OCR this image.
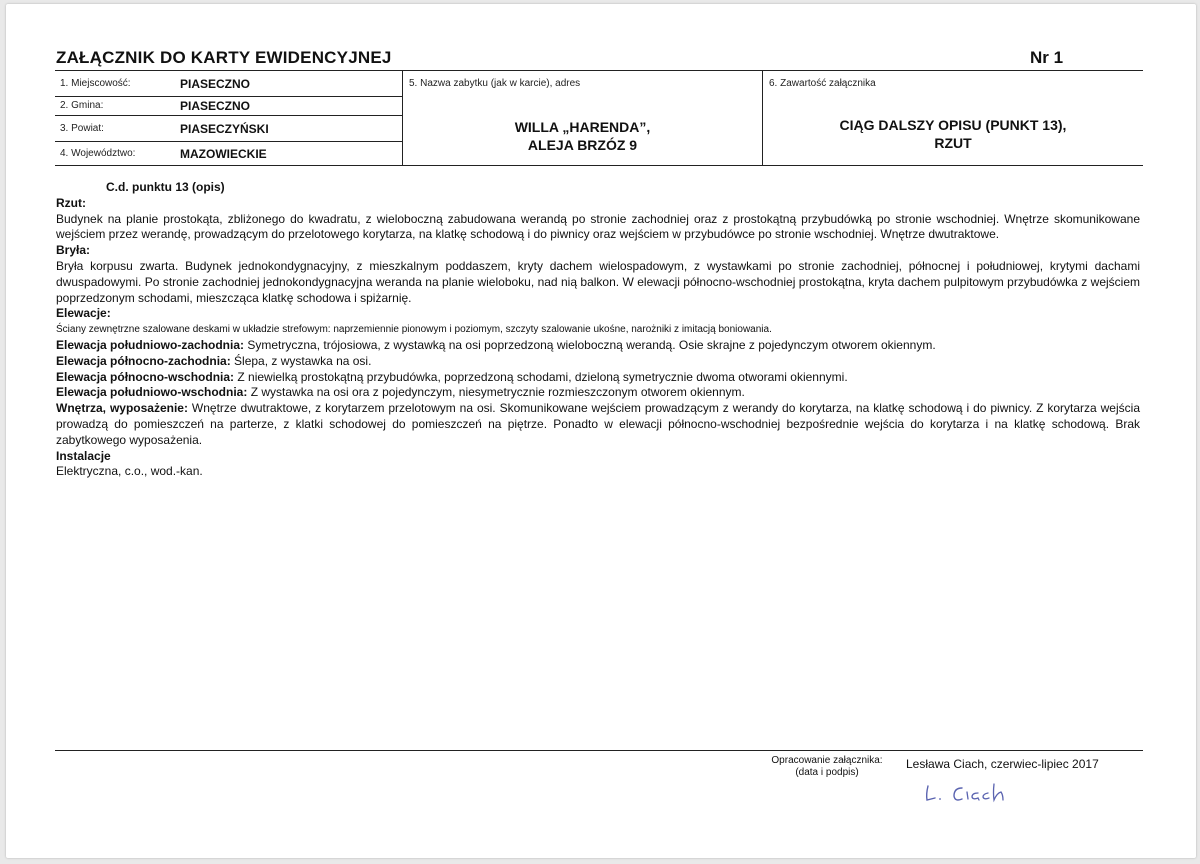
ZAŁĄCZNIK DO KARTY EWIDENCYJNEJ	Nr 1
1. Miejscowość:	PIASECZNO
2. Gmina:	PIASECZNO
3. Powiat:	PIASECZYŃSKI
4. Województwo:	MAZOWIECKIE
5. Nazwa zabytku (jak w karcie), adres
WILLA „HARENDA”,
ALEJA BRZÓZ 9
6. Zawartość załącznika
CIĄG DALSZY OPISU (PUNKT 13),
RZUT

C.d. punktu 13 (opis)

Rzut:

Budynek na planie prostokąta, zbliżonego do kwadratu, z wieloboczną zabudowana werandą po stronie zachodniej oraz z prostokątną przybudówką po stronie wschodniej. Wnętrze skomunikowane wejściem przez werandę, prowadzącym do przelotowego korytarza, na klatkę schodową i do piwnicy oraz wejściem w przybudówce po stronie wschodniej. Wnętrze dwutraktowe.

Bryła:

Bryła korpusu zwarta. Budynek jednokondygnacyjny, z mieszkalnym poddaszem, kryty dachem wielospadowym, z wystawkami po stronie zachodniej, północnej i południowej, krytymi dachami dwuspadowymi. Po stronie zachodniej jednokondygnacyjna weranda na planie wieloboku, nad nią balkon. W elewacji północno-wschodniej prostokątna, kryta dachem pulpitowym przybudówka z wejściem poprzedzonym schodami, mieszcząca klatkę schodowa i spiżarnię.

Elewacje:

Ściany zewnętrzne szalowane deskami w układzie strefowym: naprzemiennie pionowym i poziomym, szczyty szalowanie ukośne, narożniki z imitacją boniowania.

Elewacja południowo-zachodnia: Symetryczna, trójosiowa, z wystawką na osi poprzedzoną wieloboczną werandą. Osie skrajne z pojedynczym otworem okiennym.

Elewacja północno-zachodnia: Ślepa, z wystawka na osi.

Elewacja północno-wschodnia: Z niewielką prostokątną przybudówka, poprzedzoną schodami, dzieloną symetrycznie dwoma otworami okiennymi.

Elewacja południowo-wschodnia: Z wystawka na osi ora z pojedynczym, niesymetrycznie rozmieszczonym otworem okiennym.

Wnętrza, wyposażenie: Wnętrze dwutraktowe, z korytarzem przelotowym na osi. Skomunikowane wejściem prowadzącym z werandy do korytarza, na klatkę schodową i do piwnicy. Z korytarza wejścia prowadzą do pomieszczeń na parterze, z klatki schodowej do pomieszczeń na piętrze. Ponadto w elewacji północno-wschodniej bezpośrednie wejścia do korytarza i na klatkę schodową. Brak zabytkowego wyposażenia.

Instalacje

Elektryczna, c.o., wod.-kan.

Opracowanie załącznika:
(data i podpis)
Lesława Ciach, czerwiec-lipiec 2017
